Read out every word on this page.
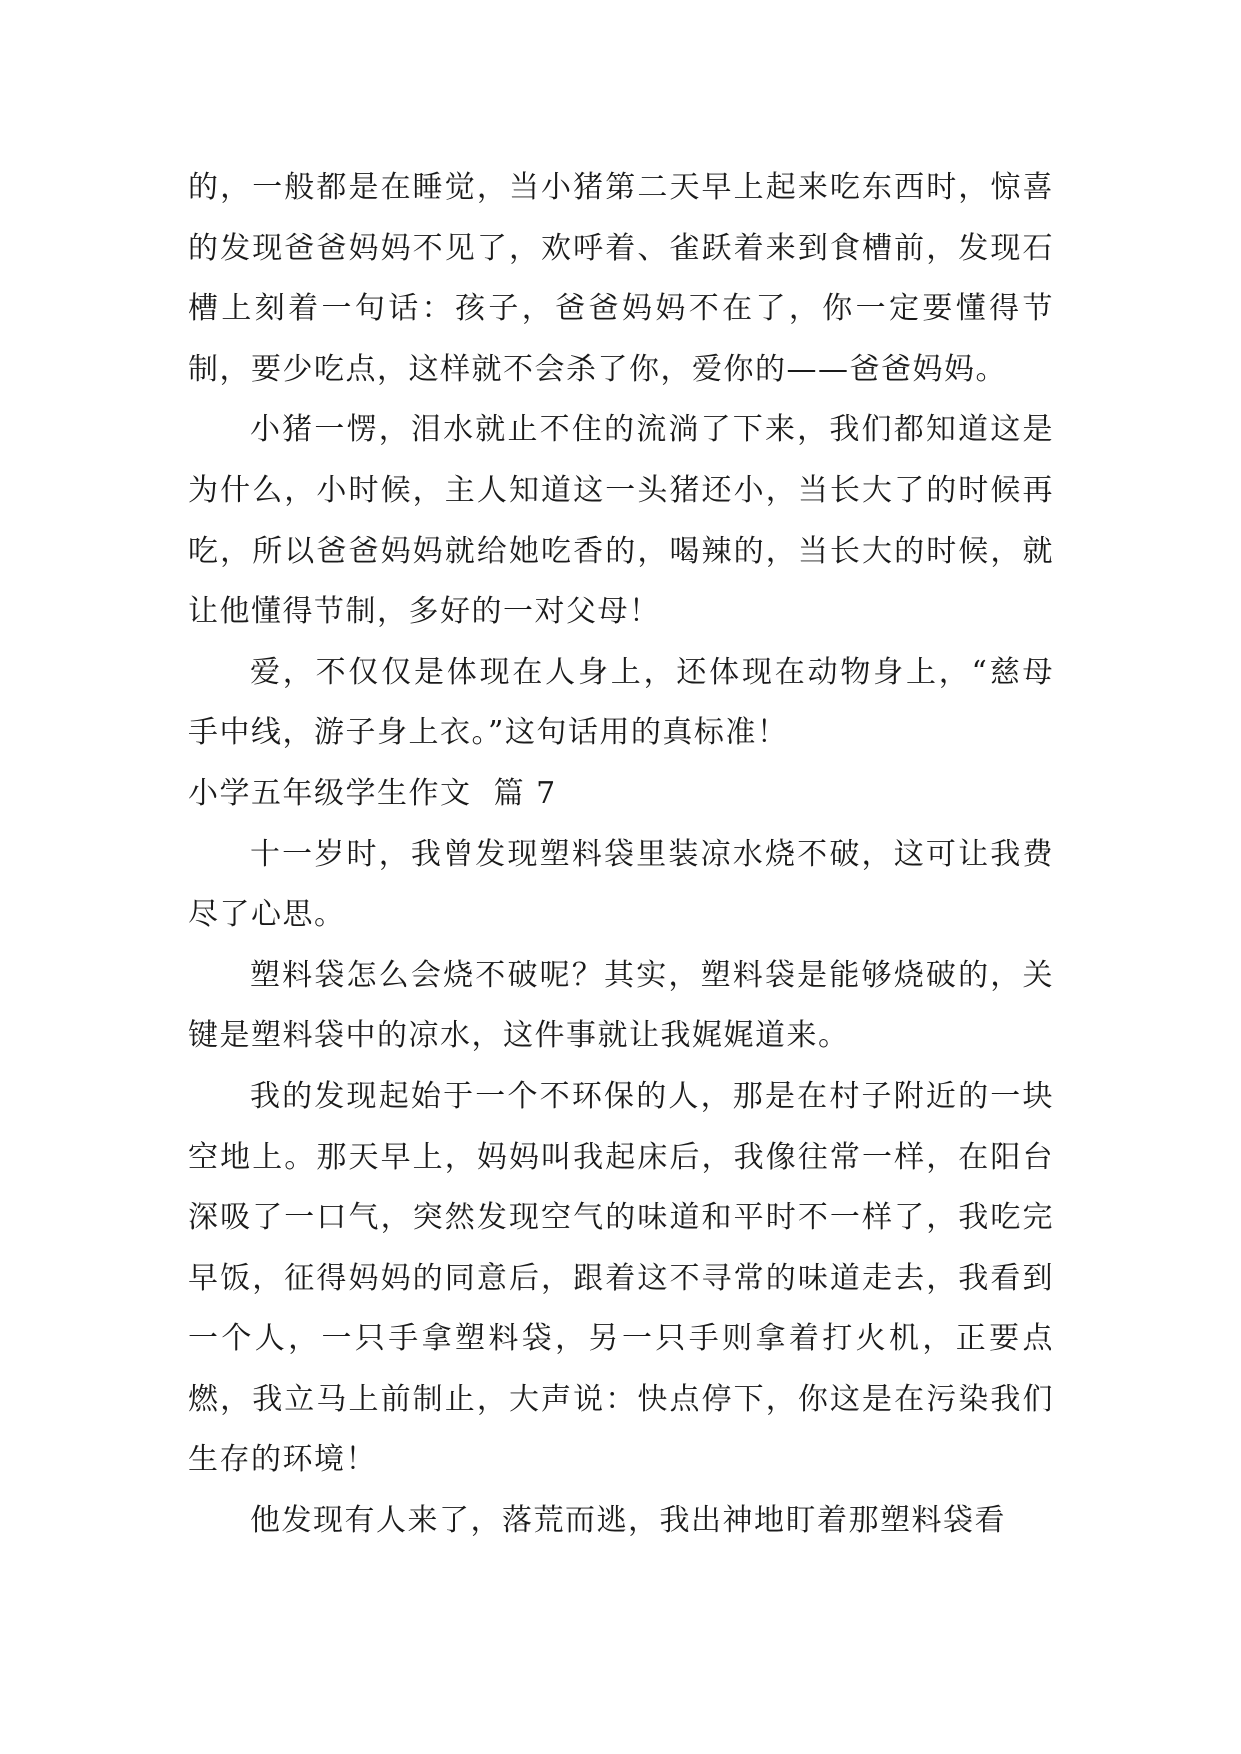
的，一般都是在睡觉，当小猪第二天早上起来吃东西时，惊喜的发现爸爸妈妈不见了，欢呼着、雀跃着来到食槽前，发现石槽上刻着一句话：孩子，爸爸妈妈不在了，你一定要懂得节制，要少吃点，这样就不会杀了你，爱你的——爸爸妈妈。

小猪一愣，泪水就止不住的流淌了下来，我们都知道这是为什么，小时候，主人知道这一头猪还小，当长大了的时候再吃，所以爸爸妈妈就给她吃香的，喝辣的，当长大的时候，就让他懂得节制，多好的一对父母！

爱，不仅仅是体现在人身上，还体现在动物身上，“慈母手中线，游子身上衣。”这句话用的真标准！

小学五年级学生作文  篇 7

十一岁时，我曾发现塑料袋里装凉水烧不破，这可让我费尽了心思。

塑料袋怎么会烧不破呢？其实，塑料袋是能够烧破的，关键是塑料袋中的凉水，这件事就让我娓娓道来。

我的发现起始于一个不环保的人，那是在村子附近的一块空地上。那天早上，妈妈叫我起床后，我像往常一样，在阳台深吸了一口气，突然发现空气的味道和平时不一样了，我吃完早饭，征得妈妈的同意后，跟着这不寻常的味道走去，我看到一个人，一只手拿塑料袋，另一只手则拿着打火机，正要点燃，我立马上前制止，大声说：快点停下，你这是在污染我们生存的环境！

他发现有人来了，落荒而逃，我出神地盯着那塑料袋看
